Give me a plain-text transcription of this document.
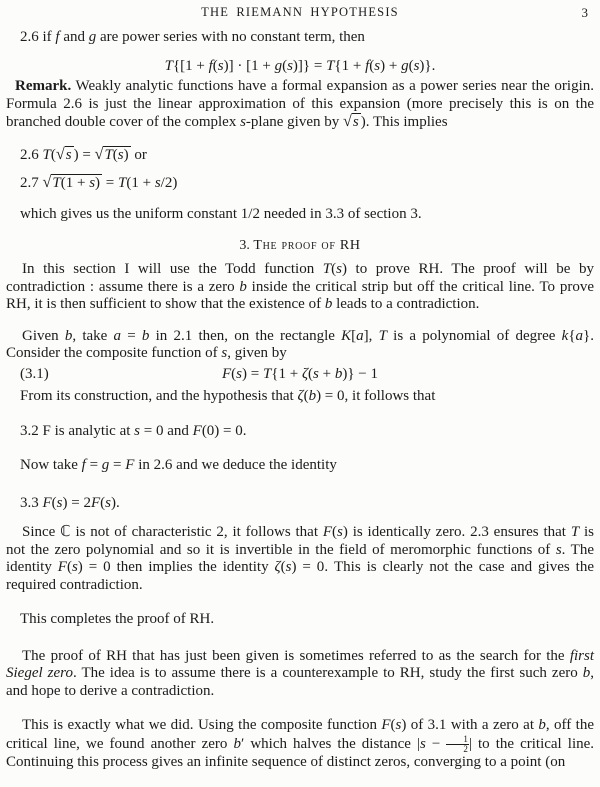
THE RIEMANN HYPOTHESIS	3
2.6 if f and g are power series with no constant term, then
T{[1 + f(s)] · [1 + g(s)]} = T{1 + f(s) + g(s)}.
Remark. Weakly analytic functions have a formal expansion as a power series near the origin. Formula 2.6 is just the linear approximation of this expansion (more precisely this is on the branched double cover of the complex s-plane given by √s ). This implies
2.6 T(√s ) = √T(s) or
2.7 √T(1 + s) = T(1 + s/2)
which gives us the uniform constant 1/2 needed in 3.3 of section 3.
3. The proof of RH
In this section I will use the Todd function T(s) to prove RH. The proof will be by contradiction : assume there is a zero b inside the critical strip but off the critical line. To prove RH, it is then sufficient to show that the existence of b leads to a contradiction.
Given b, take a = b in 2.1 then, on the rectangle K[a], T is a polynomial of degree k{a}. Consider the composite function of s, given by
(3.1)	F(s) = T{1 + ζ(s + b)} − 1
From its construction, and the hypothesis that ζ(b) = 0, it follows that
3.2 F is analytic at s = 0 and F(0) = 0.
Now take f = g = F in 2.6 and we deduce the identity
3.3 F(s) = 2F(s).
Since ℂ is not of characteristic 2, it follows that F(s) is identically zero. 2.3 ensures that T is not the zero polynomial and so it is invertible in the field of meromorphic functions of s. The identity F(s) = 0 then implies the identity ζ(s) = 0. This is clearly not the case and gives the required contradiction.
This completes the proof of RH.
The proof of RH that has just been given is sometimes referred to as the search for the first Siegel zero. The idea is to assume there is a counterexample to RH, study the first such zero b, and hope to derive a contradiction.
This is exactly what we did. Using the composite function F(s) of 3.1 with a zero at b, off the critical line, we found another zero b′ which halves the distance $|s - \frac{1}{2}$ | to the critical line. Continuing this process gives an infinite sequence of distinct zeros, converging to a point (on
